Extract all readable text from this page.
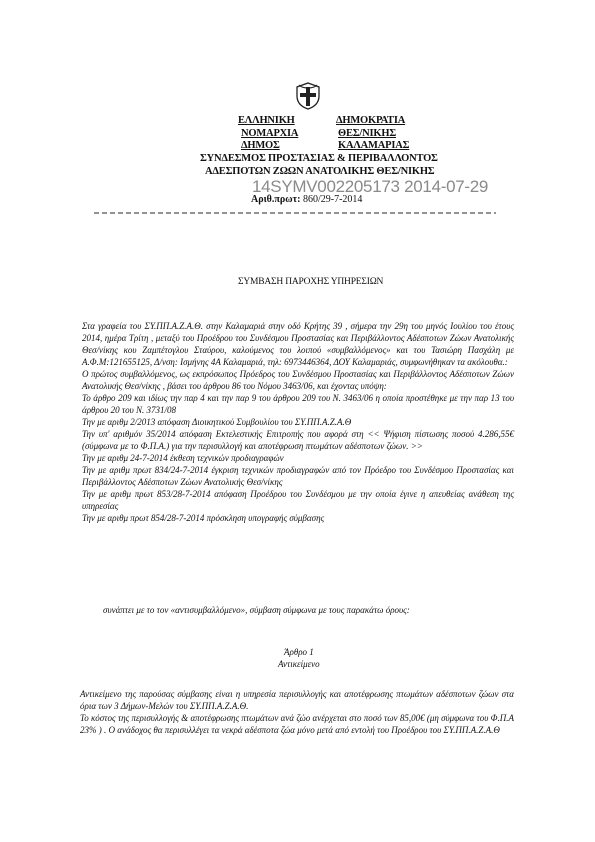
ΕΛΛΗΝΙΚΗ	ΔΗΜΟΚΡΑΤΙΑ
ΝΟΜΑΡΧΙΑ	ΘΕΣ/ΝΙΚΗΣ
ΔΗΜΟΣ	ΚΑΛΑΜΑΡΙΑΣ
ΣΥΝΔΕΣΜΟΣ ΠΡΟΣΤΑΣΙΑΣ & ΠΕΡΙΒΑΛΛΟΝΤΟΣ
ΑΔΕΣΠΟΤΩΝ ΖΩΩΝ ΑΝΑΤΟΛΙΚΗΣ ΘΕΣ/ΝΙΚΗΣ
14SYMV002205173 2014-07-29
Αριθ.πρωτ: 860/29-7-2014
ΣΥΜΒΑΣΗ ΠΑΡΟΧΗΣ ΥΠΗΡΕΣΙΩΝ

Στα γραφεία του ΣΥ.ΠΠ.Α.Ζ.Α.Θ. στην Καλαμαριά στην οδό Κρήτης 39 , σήμερα την 29η του μηνός Ιουλίου του έτους 2014, ημέρα Τρίτη , μεταξύ του Προέδρου του Συνδέσμου Προστασίας και Περιβάλλοντος Αδέσποτων Ζώων Ανατολικής Θεσ/νίκης κου Ζαμπέτογλου Σταύρου, καλούμενος του λοιπού «συμβαλλόμενος» και του Τασιώρη Πασχάλη με Α.Φ.Μ:121655125, Δ/νση: Ισμήνης 4Α Καλαμαριά, τηλ: 6973446364, ΔΟΥ Καλαμαριάς, συμφωνήθηκαν τα ακόλουθα.:

Ο πρώτος συμβαλλόμενος, ως εκπρόσωπος Πρόεδρος του Συνδέσμου Προστασίας και Περιβάλλοντος Αδέσποτων Ζώων Ανατολικής Θεσ/νίκης , βάσει του άρθρου 86 του Νόμου 3463/06, και έχοντας υπόψη:

Το άρθρο 209 και ιδίως την παρ 4 και την παρ 9 του άρθρου 209 του Ν. 3463/06 η οποία προστέθηκε με την παρ 13 του άρθρου 20 του Ν. 3731/08

Την με αριθμ 2/2013 απόφαση Διοικητικού Συμβουλίου του ΣΥ.ΠΠ.Α.Ζ.Α.Θ

Την υπ' αριθμόν 35/2014 απόφαση Εκτελεστικής Επιτροπής που αφορά στη << Ψήφιση πίστωσης ποσού 4.286,55€ (σύμφωνα με το Φ.Π.Α.) για την περισυλλογή και αποτέφρωση πτωμάτων αδέσποτων ζώων. >>

Την με αριθμ 24-7-2014 έκθεση τεχνικών προδιαγραφών

Την με αριθμ πρωτ 834/24-7-2014 έγκριση τεχνικών προδιαγραφών από τον Πρόεδρο του Συνδέσμου Προστασίας και Περιβάλλοντος Αδέσποτων Ζώων Ανατολικής Θεσ/νίκης

Την με αριθμ πρωτ 853/28-7-2014 απόφαση Προέδρου του Συνδέσμου με την οποία έγινε η απευθείας ανάθεση της υπηρεσίας

Την με αριθμ πρωτ 854/28-7-2014 πρόσκληση υπογραφής σύμβασης

συνάπτει με το τον «αντισυμβαλλόμενο», σύμβαση σύμφωνα με τους παρακάτω όρους:
Άρθρο 1
Αντικείμενο

Αντικείμενο της παρούσας σύμβασης είναι η υπηρεσία περισυλλογής και αποτέφρωσης πτωμάτων αδέσποτων ζώων στα όρια των 3 Δήμων-Μελών του ΣΥ.ΠΠ.Α.Ζ.Α.Θ.

Το κόστος της περισυλλογής & αποτέφρωσης πτωμάτων ανά ζώο ανέρχεται στο ποσό των 85,00€ (μη σύμφωνα του Φ.Π.Α 23% ) . Ο ανάδοχος θα περισυλλέγει τα νεκρά αδέσποτα ζώα μόνο μετά από εντολή του Προέδρου του ΣΥ.ΠΠ.Α.Ζ.Α.Θ
